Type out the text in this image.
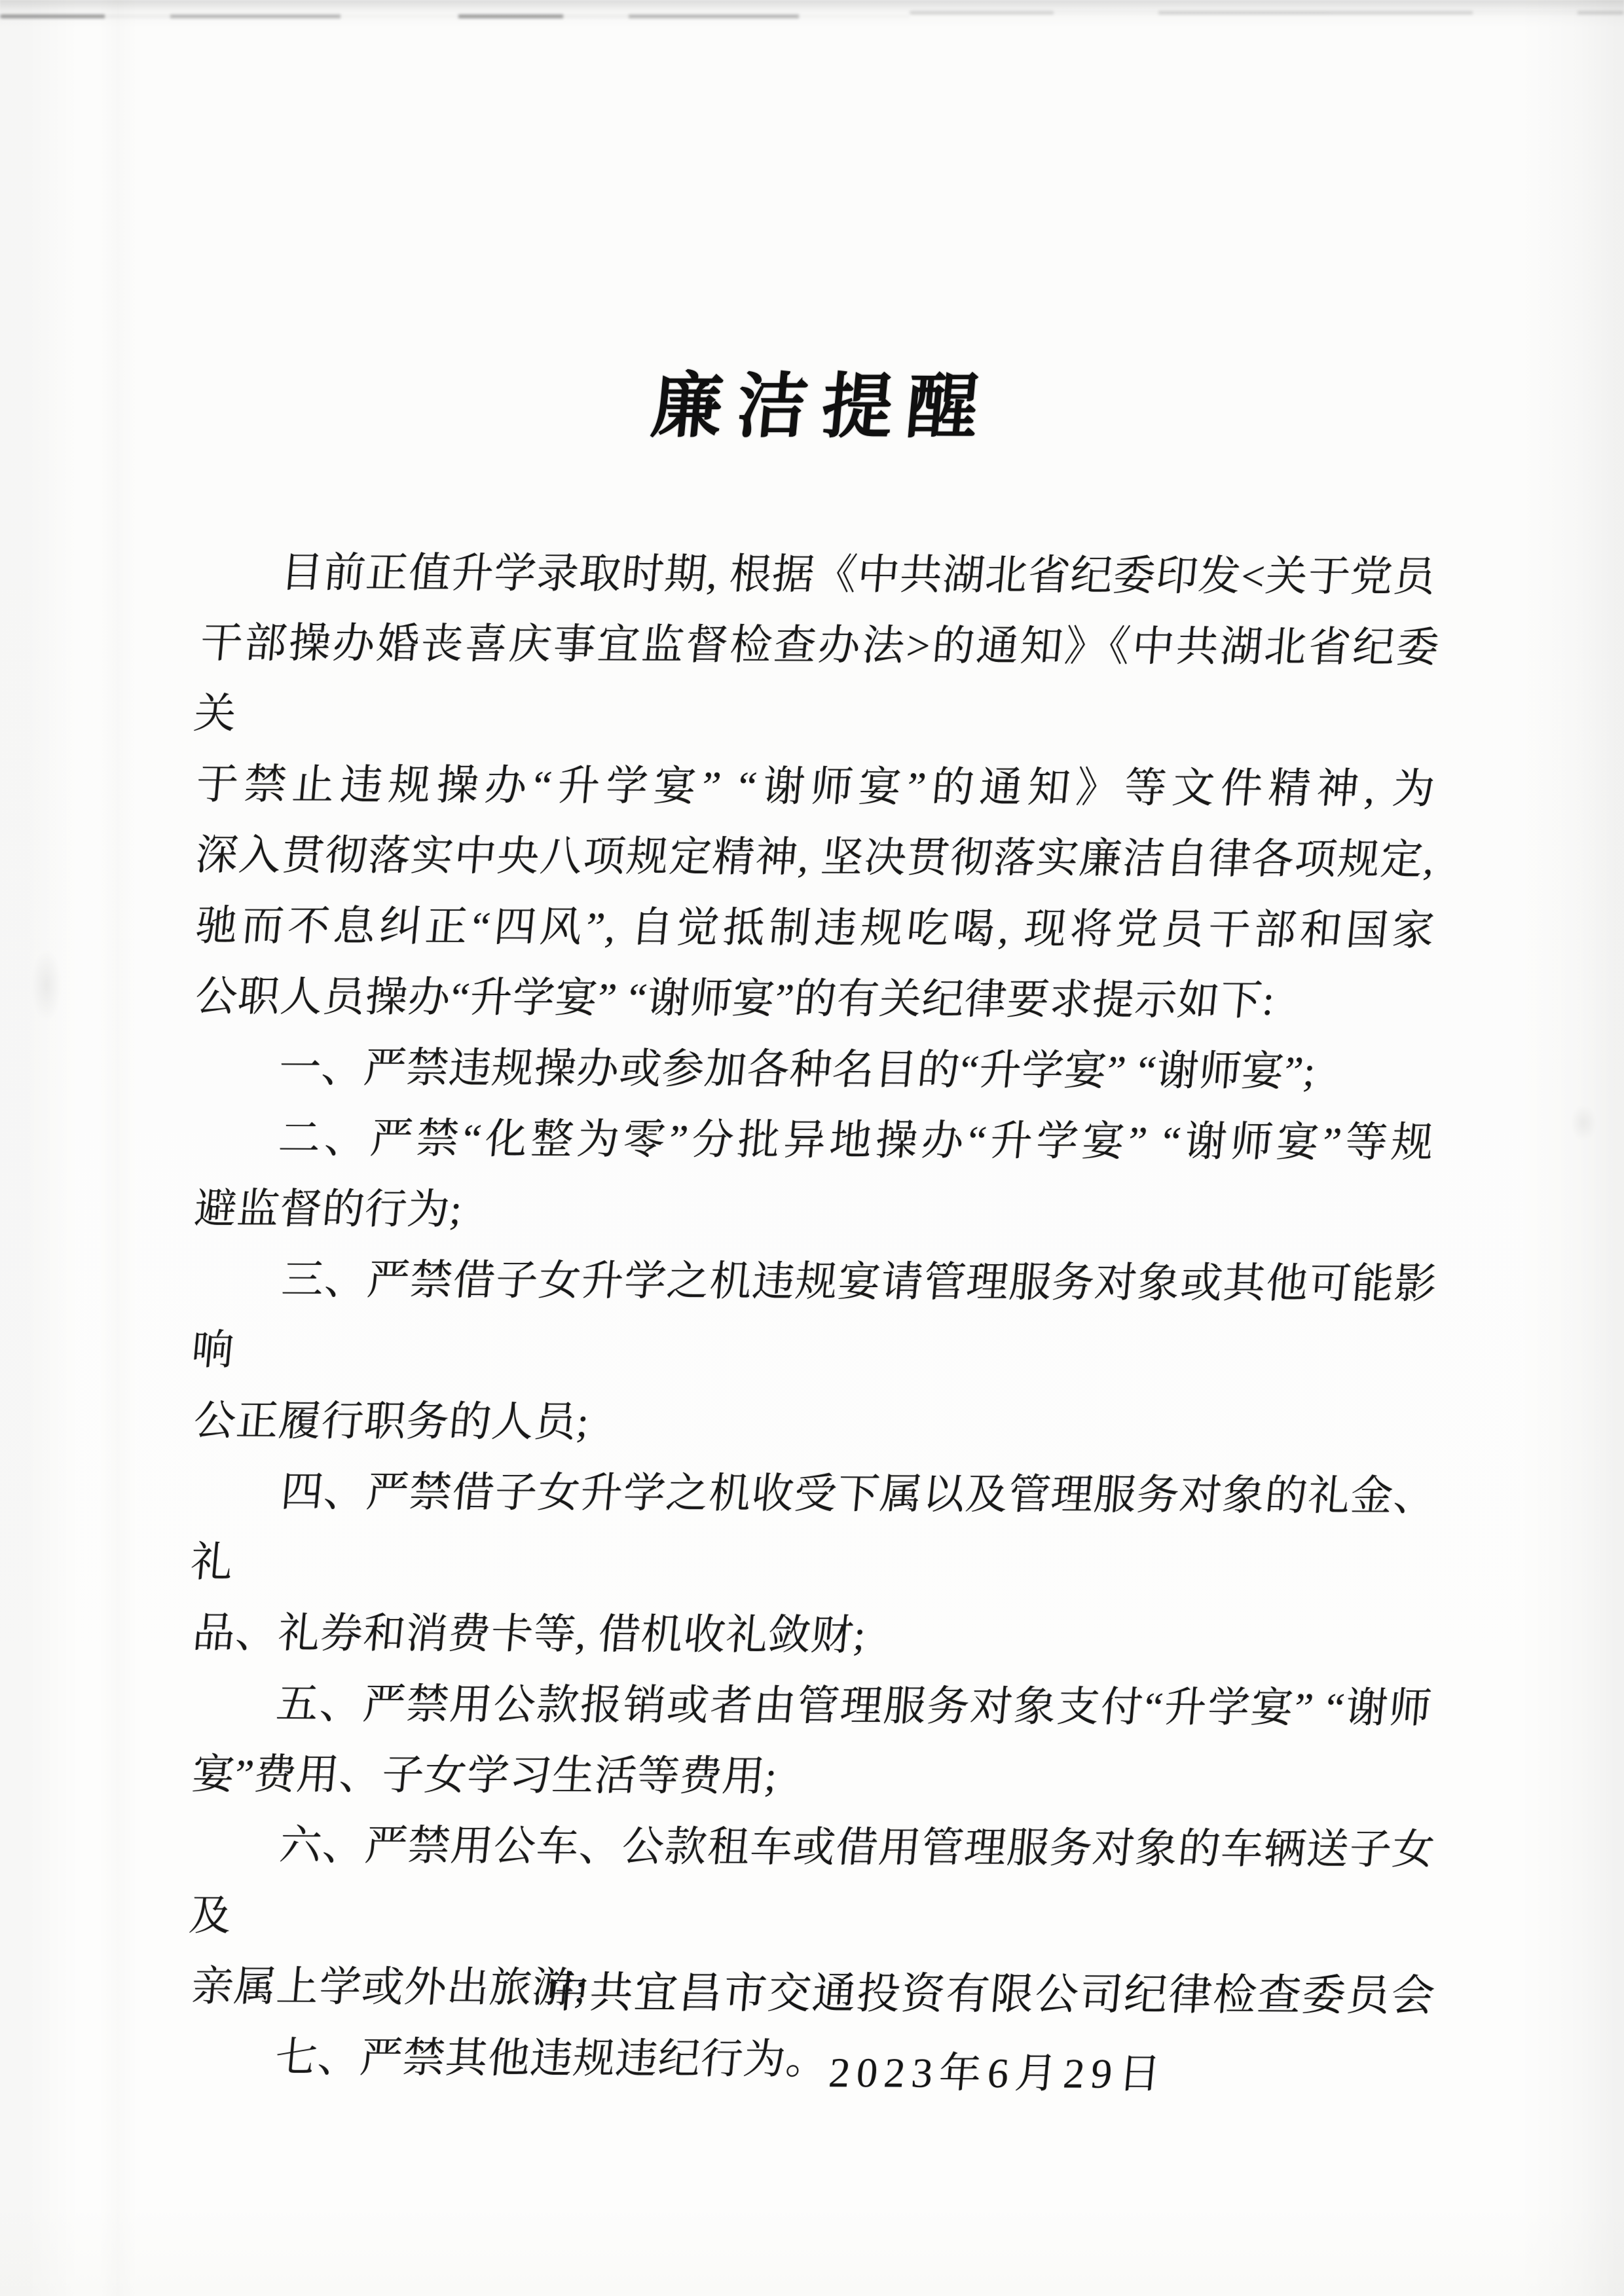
廉洁提醒
目前正值升学录取时期, 根据《中共湖北省纪委印发<关于党员
干部操办婚丧喜庆事宜监督检查办法>的通知》《中共湖北省纪委 关
于禁止违规操办“升学宴” “谢师宴”的通知》等文件精神, 为
深入贯彻落实中央八项规定精神, 坚决贯彻落实廉洁自律各项规定,
驰而不息纠正“四风”, 自觉抵制违规吃喝, 现将党员干部和国家
公职人员操办“升学宴” “谢师宴”的有关纪律要求提示如下:
一、严禁违规操办或参加各种名目的“升学宴” “谢师宴”;
二、严禁“化整为零”分批异地操办“升学宴” “谢师宴”等规
避监督的行为;
三、严禁借子女升学之机违规宴请管理服务对象或其他可能影响
公正履行职务的人员;
四、严禁借子女升学之机收受下属以及管理服务对象的礼金、礼
品、礼券和消费卡等, 借机收礼敛财;
五、严禁用公款报销或者由管理服务对象支付“升学宴” “谢师
宴”费用、子女学习生活等费用;
六、严禁用公车、公款租车或借用管理服务对象的车辆送子女及
亲属上学或外出旅游;
七、严禁其他违规违纪行为。
中共宜昌市交通投资有限公司纪律检查委员会
2023年6月29日
